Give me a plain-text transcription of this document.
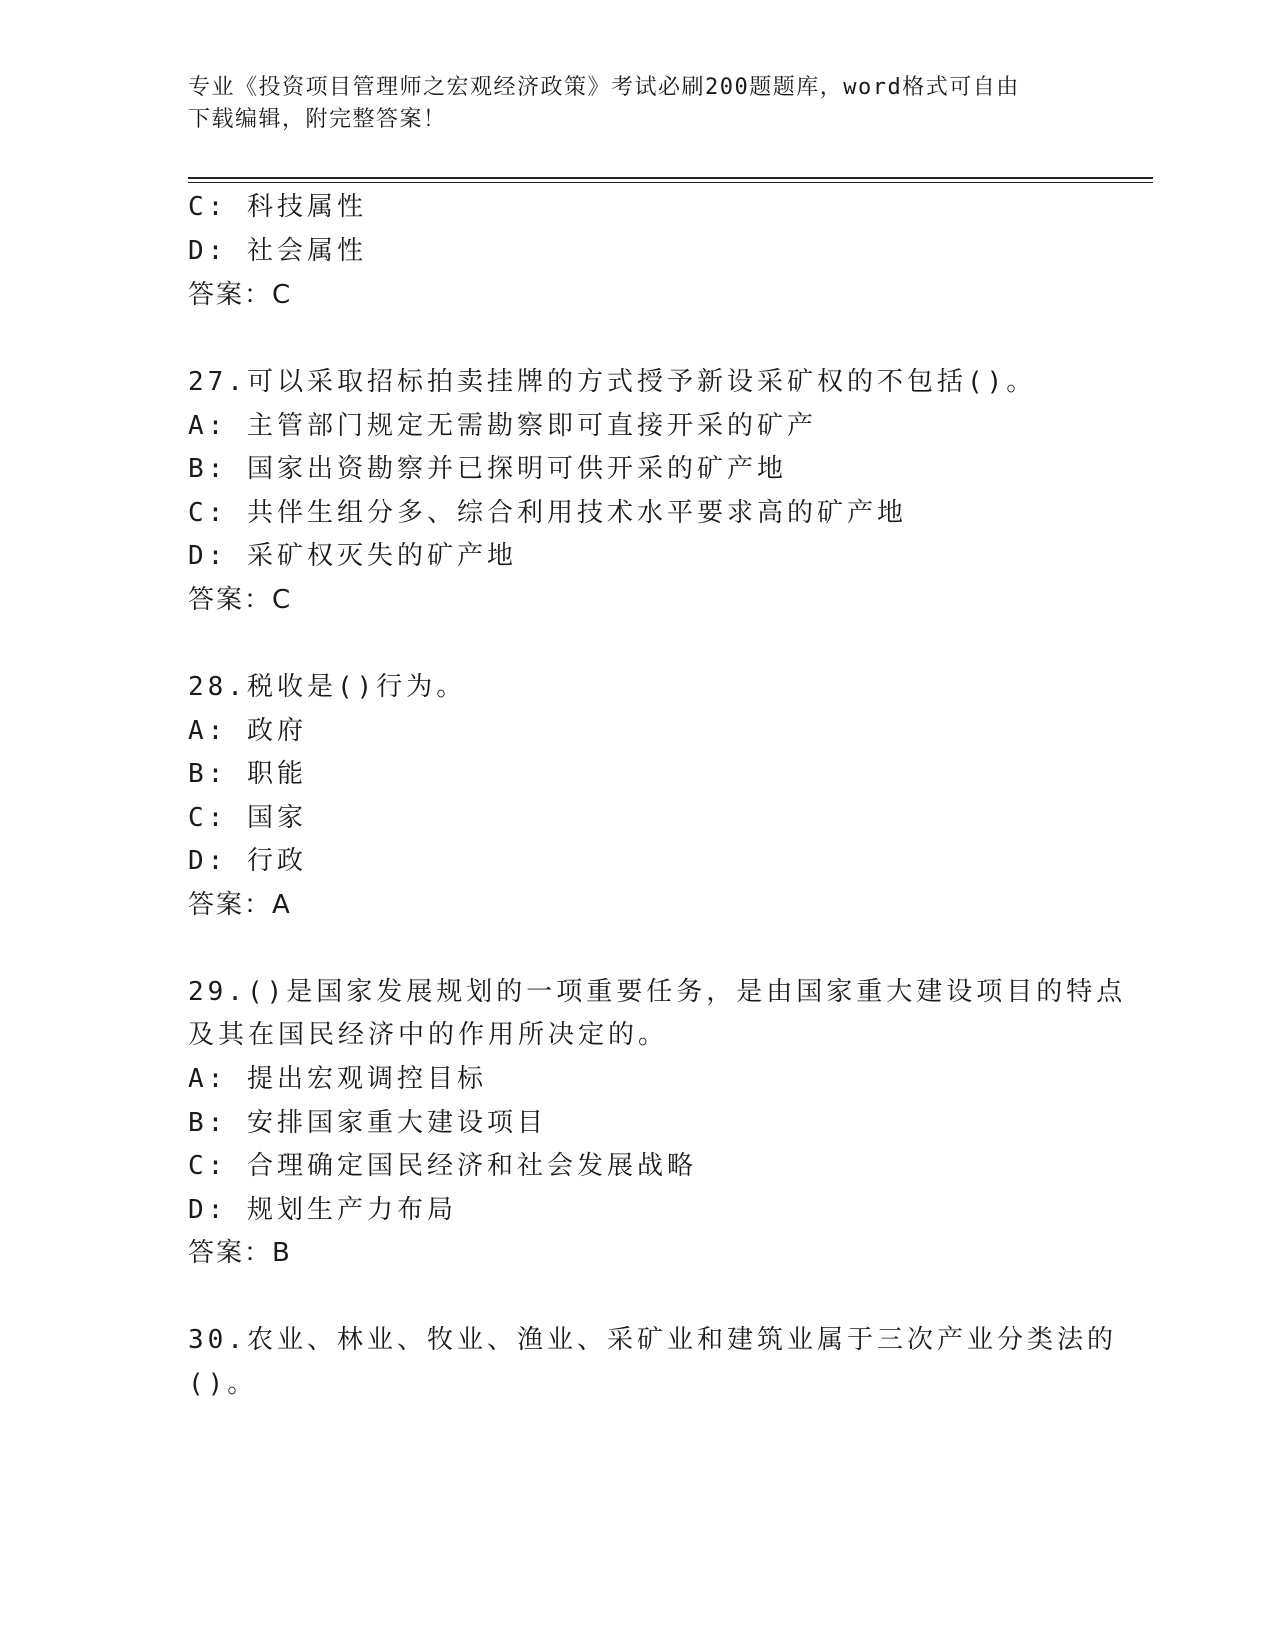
专业《投资项目管理师之宏观经济政策》考试必刷200题题库，word格式可自由
下载编辑，附完整答案！
C: 科技属性
D: 社会属性
答案：C
27.可以采取招标拍卖挂牌的方式授予新设采矿权的不包括()。
A: 主管部门规定无需勘察即可直接开采的矿产
B: 国家出资勘察并已探明可供开采的矿产地
C: 共伴生组分多、综合利用技术水平要求高的矿产地
D: 采矿权灭失的矿产地
答案：C
28.税收是()行为。
A: 政府
B: 职能
C: 国家
D: 行政
答案：A
29.()是国家发展规划的一项重要任务，是由国家重大建设项目的特点
及其在国民经济中的作用所决定的。
A: 提出宏观调控目标
B: 安排国家重大建设项目
C: 合理确定国民经济和社会发展战略
D: 规划生产力布局
答案：B
30.农业、林业、牧业、渔业、采矿业和建筑业属于三次产业分类法的
()。
